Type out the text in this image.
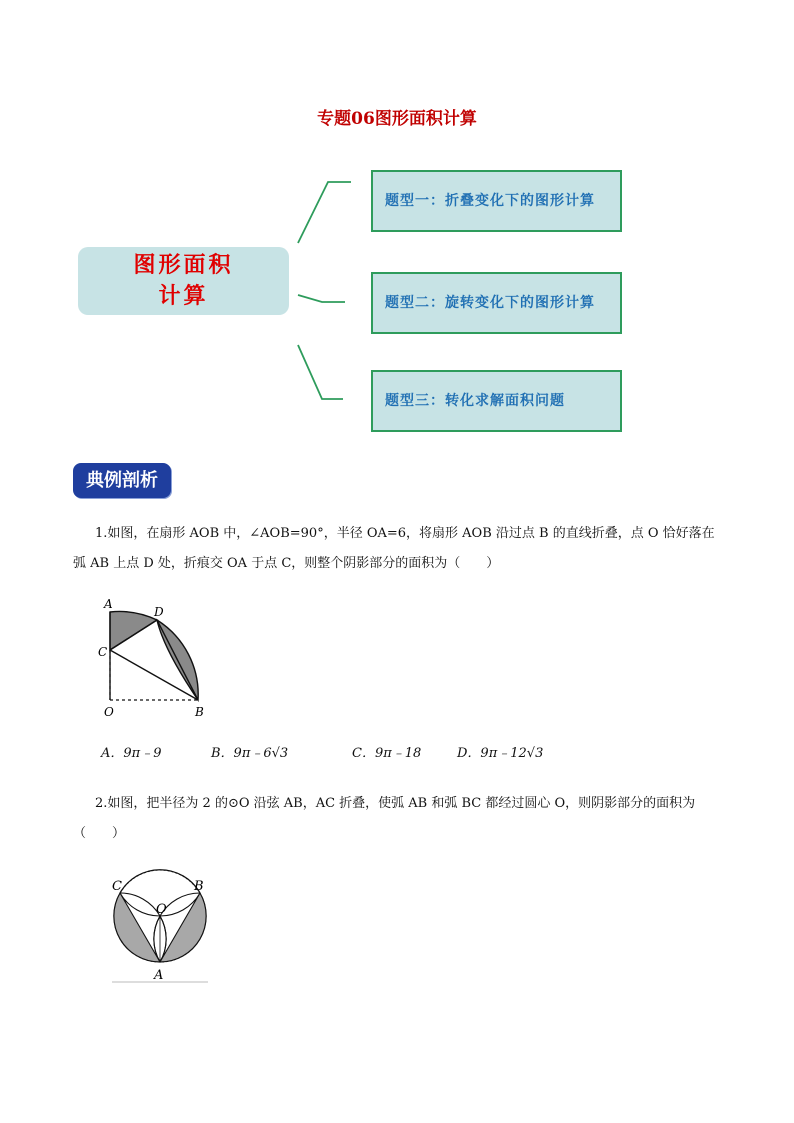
专题06图形面积计算
图形面积
计算
题型一：折叠变化下的图形计算
题型二：旋转变化下的图形计算
题型三：转化求解面积问题
典例剖析
1.如图，在扇形 AOB 中，∠AOB=90°，半径 OA=6，将扇形 AOB 沿过点 B 的直线折叠，点 O 恰好落在
弧 AB 上点 D 处，折痕交 OA 于点 C，则整个阴影部分的面积为（　　）
A
D
C
O	B
A．9π﹣9	B．9π﹣6√3	C．9π﹣18	D．9π﹣12√3
2.如图，把半径为 2 的⊙O 沿弦 AB，AC 折叠，使弧 AB 和弧 BC 都经过圆心 O，则阴影部分的面积为
（　　）
C	B
O
A
